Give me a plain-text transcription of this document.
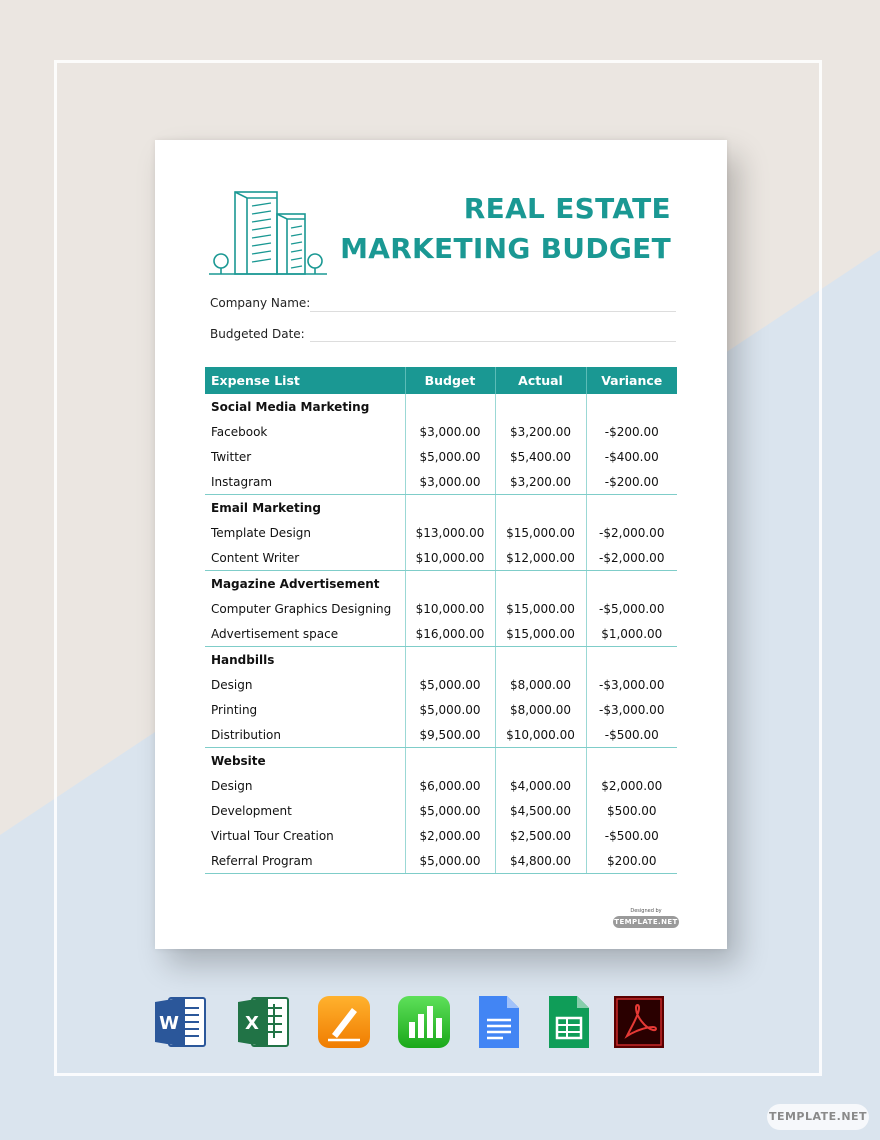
REAL ESTATE
MARKETING BUDGET
Company Name:
Budgeted Date:
Expense List	Budget	Actual	Variance
Social Media Marketing			
Facebook	$3,000.00	$3,200.00	-$200.00
Twitter	$5,000.00	$5,400.00	-$400.00
Instagram	$3,000.00	$3,200.00	-$200.00
Email Marketing			
Template Design	$13,000.00	$15,000.00	-$2,000.00
Content Writer	$10,000.00	$12,000.00	-$2,000.00
Magazine Advertisement			
Computer Graphics Designing	$10,000.00	$15,000.00	-$5,000.00
Advertisement space	$16,000.00	$15,000.00	$1,000.00
Handbills			
Design	$5,000.00	$8,000.00	-$3,000.00
Printing	$5,000.00	$8,000.00	-$3,000.00
Distribution	$9,500.00	$10,000.00	-$500.00
Website			
Design	$6,000.00	$4,000.00	$2,000.00
Development	$5,000.00	$4,500.00	$500.00
Virtual Tour Creation	$2,000.00	$2,500.00	-$500.00
Referral Program	$5,000.00	$4,800.00	$200.00
Designed by
TEMPLATE.NET
W	X
TEMPLATE.NET
